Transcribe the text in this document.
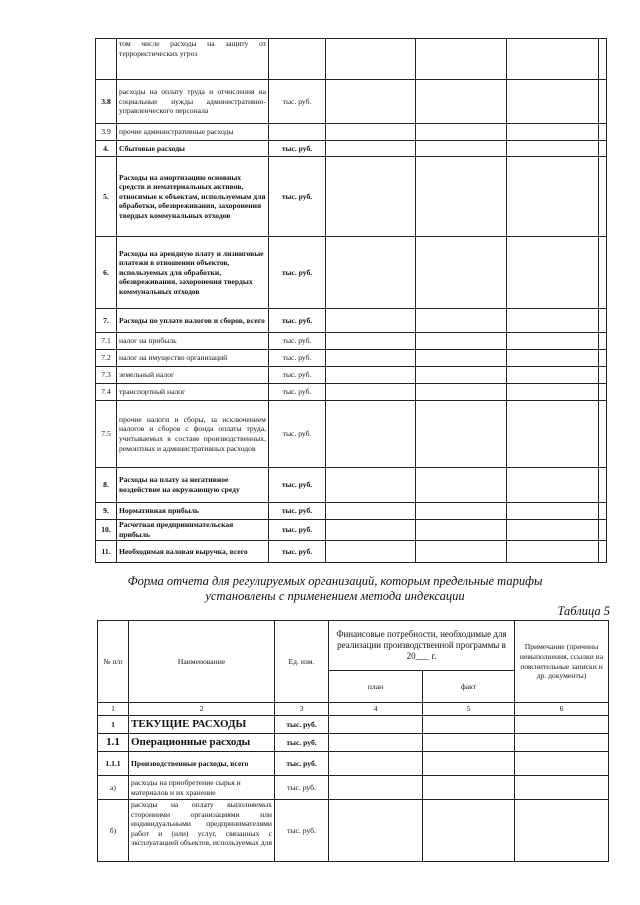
	том числе расходы на защиту от террористических угроз					
3.8	расходы на оплату труда и отчисления на социальные нужды административно-управленческого персонала	тыс. руб.				
3.9	прочие административные расходы					
4.	Сбытовые расходы	тыс. руб.				
5.	Расходы на амортизацию основных средств и нематериальных активов, относимые к объектам, используемым для обработки, обезвреживания, захоронения твердых коммунальных отходов	тыс. руб.				
6.	Расходы на арендную плату и лизинговые платежи в отношении объектов, используемых для обработки, обезвреживания, захоронения твердых коммунальных отходов	тыс. руб.				
7.	Расходы по уплате налогов и сборов, всего	тыс. руб.				
7.1	налог на прибыль	тыс. руб.				
7.2	налог на имущество организаций	тыс. руб.				
7.3	земельный налог	тыс. руб.				
7.4	транспортный налог	тыс. руб.				
7.5	прочие налоги и сборы, за исключением налогов и сборов с фонда оплаты труда, учитываемых в составе производственных, ремонтных и административных расходов	тыс. руб.				
8.	Расходы на плату за негативное воздействие на окружающую среду	тыс. руб.				
9.	Нормативная прибыль	тыс. руб.				
10.	Расчетная предпринимательская прибыль	тыс. руб.				
11.	Необходимая валовая выручка, всего	тыс. руб.				
Форма отчета для регулируемых организаций, которым предельные тарифы установлены с применением метода индексации
Таблица 5
№ п/п	Наименование	Ед. изм.	Финансовые потребности, необходимые для реализации производственной программы в 20___ г.		Примечание (причины невыполнения, ссылки на пояснительные записки и др. документы)
			план	факт	
1	2	3	4	5	6
1	ТЕКУЩИЕ РАСХОДЫ	тыс. руб.			
1.1	Операционные расходы	тыс. руб.			
1.1.1	Производственные расходы, всего	тыс. руб.			
а)	расходы на приобретение сырья и материалов и их хранение	тыс. руб.			
б)	расходы на оплату выполняемых сторонними организациями или индивидуальными предпринимателями работ и (или) услуг, связанных с эксплуатацией объектов, используемых для	тыс. руб.			
